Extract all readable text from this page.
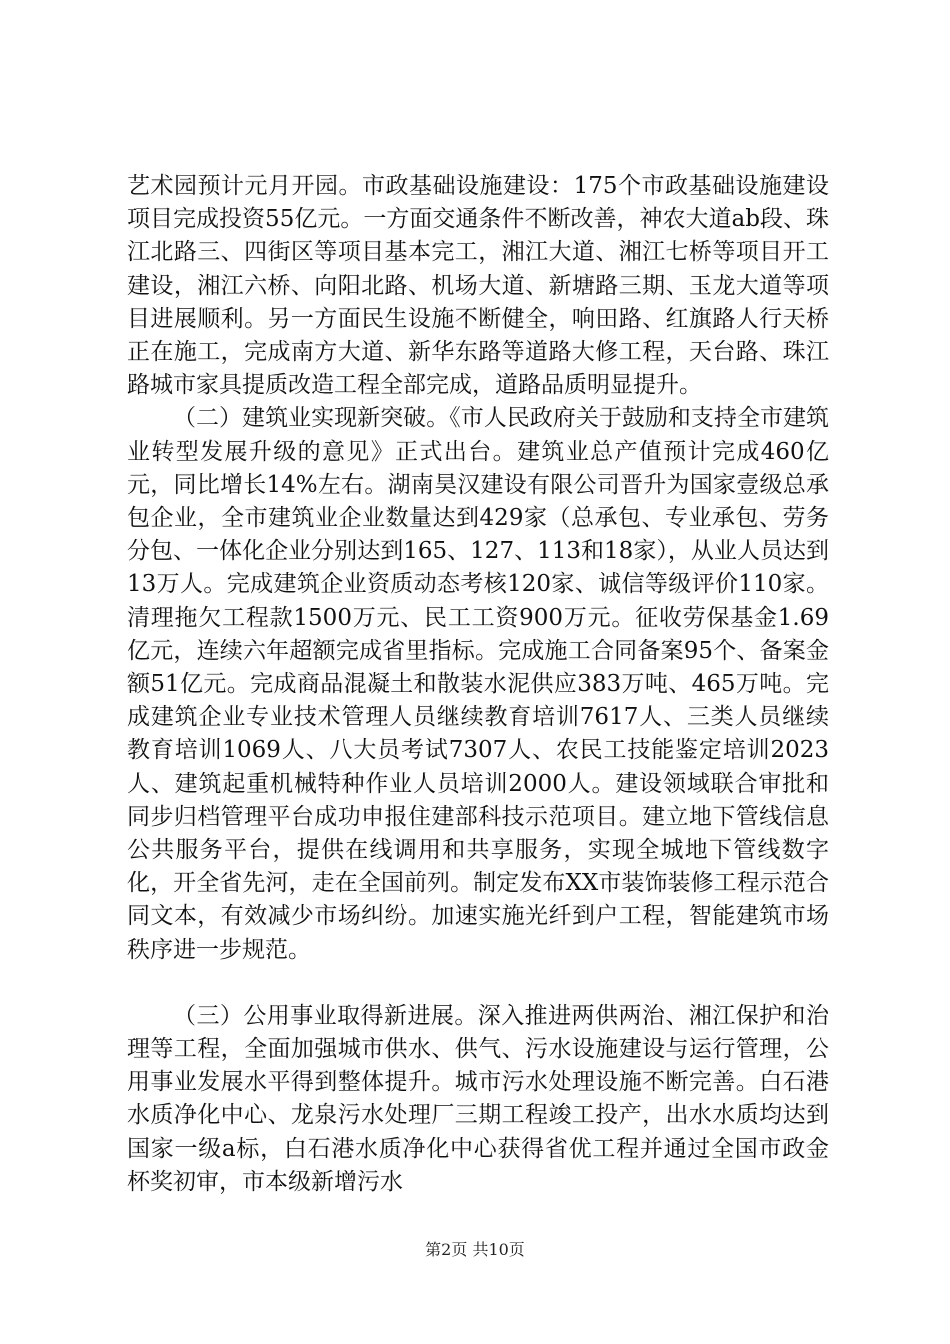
艺术园预计元月开园。市政基础设施建设：175个市政基础设施建设项目完成投资55亿元。一方面交通条件不断改善，神农大道ab段、珠江北路三、四街区等项目基本完工，湘江大道、湘江七桥等项目开工建设，湘江六桥、向阳北路、机场大道、新塘路三期、玉龙大道等项目进展顺利。另一方面民生设施不断健全，响田路、红旗路人行天桥正在施工，完成南方大道、新华东路等道路大修工程，天台路、珠江路城市家具提质改造工程全部完成，道路品质明显提升。

（二）建筑业实现新突破。《市人民政府关于鼓励和支持全市建筑业转型发展升级的意见》正式出台。建筑业总产值预计完成460亿元，同比增长14%左右。湖南昊汉建设有限公司晋升为国家壹级总承包企业，全市建筑业企业数量达到429家（总承包、专业承包、劳务分包、一体化企业分别达到165、127、113和18家），从业人员达到13万人。完成建筑企业资质动态考核120家、诚信等级评价110家。清理拖欠工程款1500万元、民工工资900万元。征收劳保基金1.69亿元，连续六年超额完成省里指标。完成施工合同备案95个、备案金额51亿元。完成商品混凝土和散装水泥供应383万吨、465万吨。完成建筑企业专业技术管理人员继续教育培训7617人、三类人员继续教育培训1069人、八大员考试7307人、农民工技能鉴定培训2023人、建筑起重机械特种作业人员培训2000人。建设领域联合审批和同步归档管理平台成功申报住建部科技示范项目。建立地下管线信息公共服务平台，提供在线调用和共享服务，实现全城地下管线数字化，开全省先河，走在全国前列。制定发布XX市装饰装修工程示范合同文本，有效减少市场纠纷。加速实施光纤到户工程，智能建筑市场秩序进一步规范。

（三）公用事业取得新进展。深入推进两供两治、湘江保护和治理等工程，全面加强城市供水、供气、污水设施建设与运行管理，公用事业发展水平得到整体提升。城市污水处理设施不断完善。白石港水质净化中心、龙泉污水处理厂三期工程竣工投产，出水水质均达到国家一级a标，白石港水质净化中心获得省优工程并通过全国市政金杯奖初审，市本级新增污水

第2页 共10页
